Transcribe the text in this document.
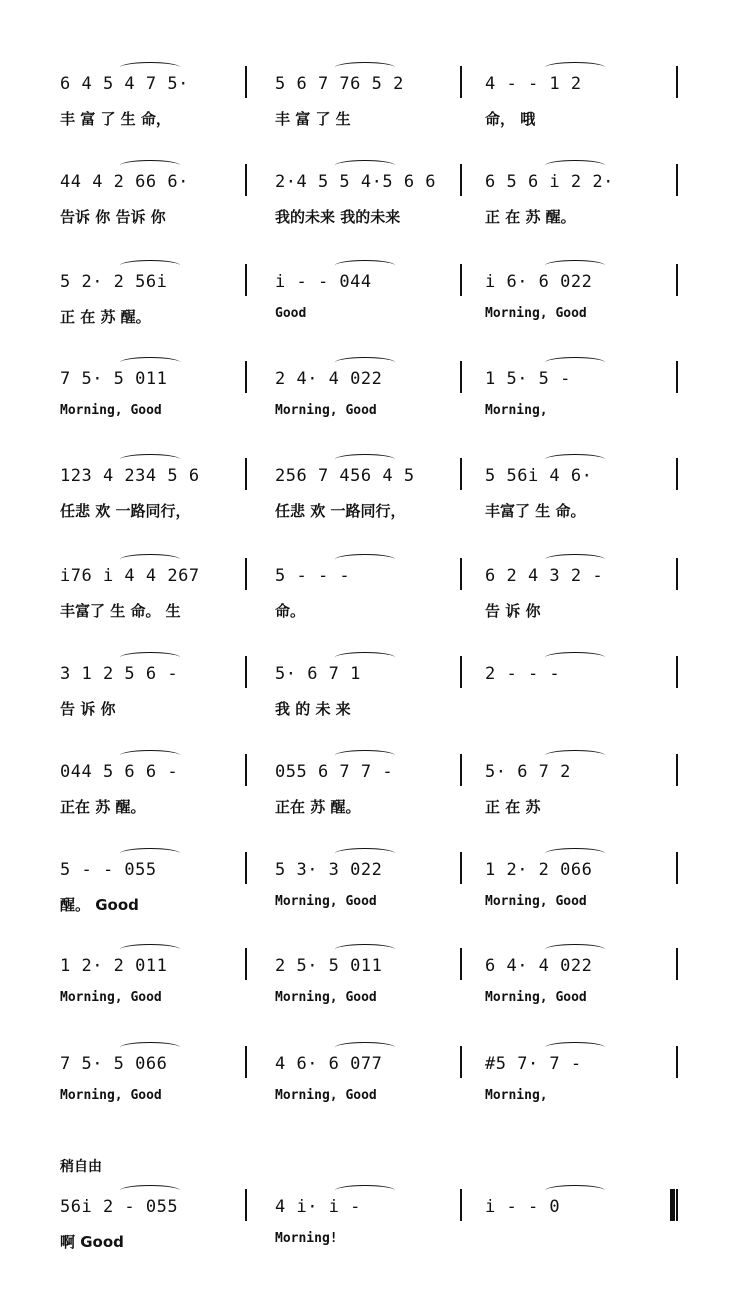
稍自由
6 4 5 4 7 5·	5 6 7 76 5 2	4 - - 1 2
丰 富 了 生 命，	丰 富 了 生	命， 哦
44 4 2 66 6·	2·4 5 5 4·5 6 6	6 5 6 i 2 2·
告诉 你 告诉 你	我的未来 我的未来	正 在 苏 醒。
5 2· 2 56i	i - - 044	i 6· 6 022
正 在 苏 醒。	Good	Morning, Good
7 5· 5 011	2 4· 4 022	1 5· 5 -
Morning, Good	Morning, Good	Morning,
123 4 234 5 6	256 7 456 4 5	5 56i 4 6·
任悲 欢 一路同行，	任悲 欢 一路同行，	丰富了 生 命。
i76 i 4 4 267	5 - - -	6 2 4 3 2 -
丰富了 生 命。 生	命。	告 诉 你
3 1 2 5 6 -	5· 6 7 1	2 - - -
告 诉 你	我 的 未 来
044 5 6 6 -	055 6 7 7 -	5· 6 7 2
正在 苏 醒。	正在 苏 醒。	正 在 苏
5 - - 055	5 3· 3 022	1 2· 2 066
醒。 Good	Morning, Good	Morning, Good
1 2· 2 011	2 5· 5 011	6 4· 4 022
Morning, Good	Morning, Good	Morning, Good
7 5· 5 066	4 6· 6 077	#5 7· 7 -
Morning, Good	Morning, Good	Morning,
56i 2 - 055	4 i· i -	i - - 0
啊 Good	Morning!
